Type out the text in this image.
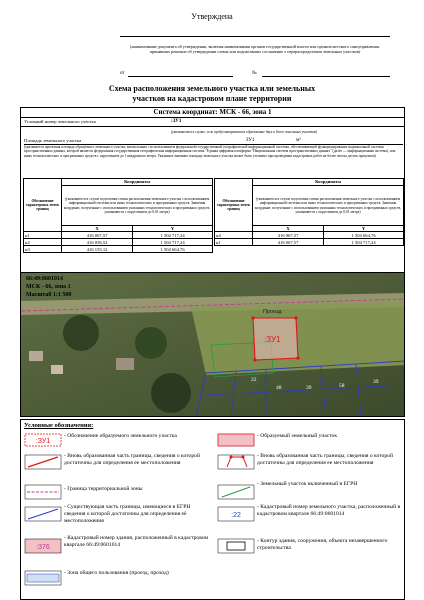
Утверждена
(наименование документа об утверждении, включая наименования органов государственной власти или органов местного самоуправления, принявших решение об утверждении схемы или подписавших соглашение о перераспределении земельных участков)
от	№
Схема расположения земельного участка или земельных
участков на кадастровом плане территории
Система координат: МСК - 66, зона 1
Условный номер земельного участка	:ЗУ1
(указывается в случае, если предусматривается образование двух и более земельных участков)
Площадь земельного участка	ЗУ1	м²
(указывается проектная площадь образуемого земельного участка, вычисленная с использованием федеральной государственной географической информационной системы, обеспечивающей функционирование национальной системы пространственных данных, которой является федеральная государственная географическая информационная система "Единая цифровая платформа "Национальная система пространственных данных" (далее — информационная система), или иных технологических и программных средств с округлением до 1 квадратного метра. Указанное значение площади земельного участка может быть уточнено при проведении кадастровых работ не более чем на десять процентов)
Обозначение характерных точек границ	Координаты	
	(указываются в случае подготовки схемы расположения земельного участка с использованием информационной системы или иных технологических и программных средств. Значения координат, полученные с использованием указанных технологических и программных средств, указываются с округлением до 0,01 метра)	
	X	Y
н1	416 067,57	1 504 717,24
н2	416 056,52	1 504 717,24
н3	416 155,12	1 504 664,76
Обозначение характерных точек границ	Координаты	
	(указываются в случае подготовки схемы расположения земельного участка с использованием информационной системы или иных технологических и программных средств. Значения координат, полученные с использованием указанных технологических и программных средств, указываются с округлением до 0,01 метра)	
	X	Y
н4	416 067,57	1 504 664,76
н1	416 067,57	1 504 717,24
Проезд
:ЗУ1
22
48	39	58
39
66:49:0601014
МСК - 66, зона 1
Масштаб 1:1 500
Условные обозначения:
:ЗУ1
- Обозначение образуемого земельного участка	- Образуемый земельный участок
- Вновь образованная часть границы, сведения о которой достаточны для определения ее местоположения
- Вновь образованная часть границы, сведения о которой достаточны для определения ее местоположения
- Граница территориальной зоны
- Земельный участок включенный в ЕГРН
- Существующая часть границы, имеющиеся в ЕГРН сведения о которой достаточны для определения её местоположения
:22
- Кадастровый номер земельного участка, расположенный в кадастровом квартале 66:49:0601014
:376
- Кадастровый номер здания, расположенный в кадастровом квартале 66:49:0601014
- Контур здания, сооружения, объекта незавершенного строительства
- Зона общего пользования (проезд, проход)
